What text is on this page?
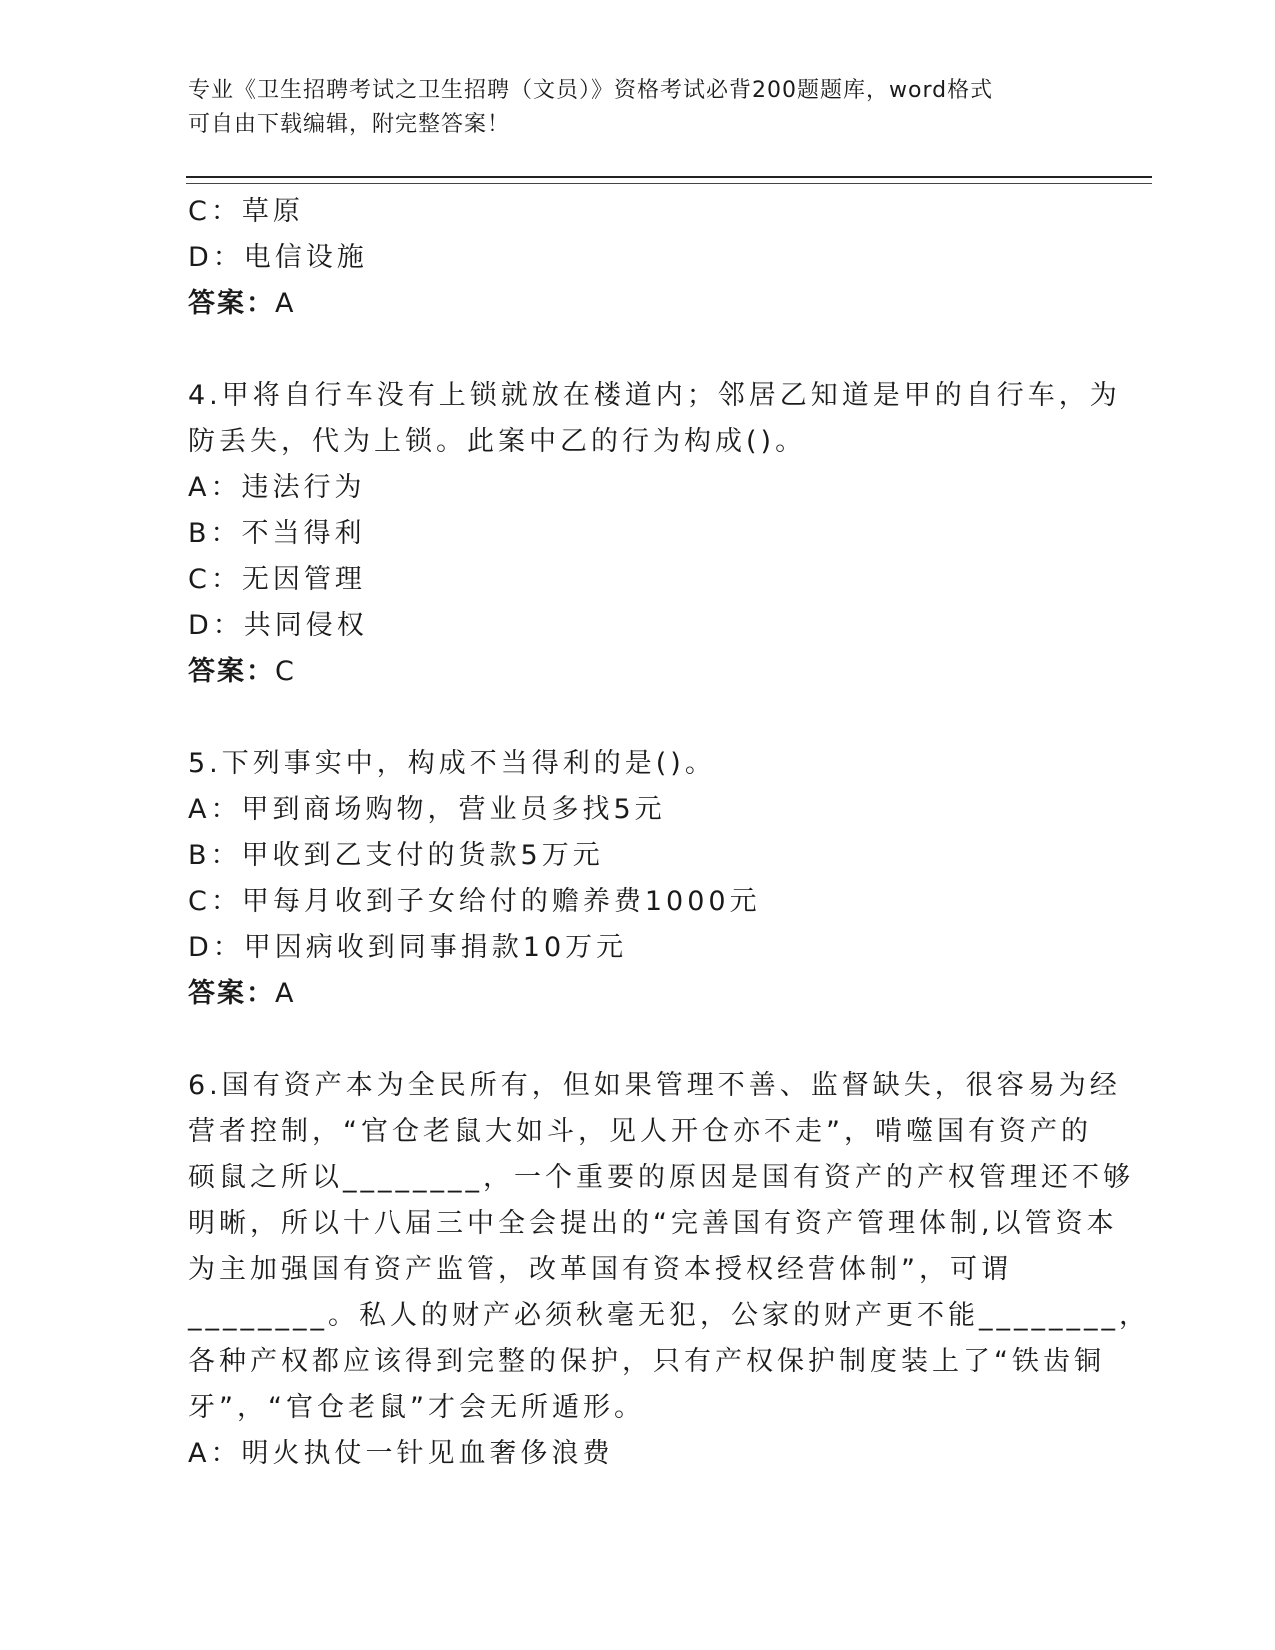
专业《卫生招聘考试之卫生招聘（文员）》资格考试必背200题题库，word格式
可自由下载编辑，附完整答案！
C：草原
D：电信设施
答案：A
4.甲将自行车没有上锁就放在楼道内；邻居乙知道是甲的自行车，为
防丢失，代为上锁。此案中乙的行为构成()。
A：违法行为
B：不当得利
C：无因管理
D：共同侵权
答案：C
5.下列事实中，构成不当得利的是()。
A：甲到商场购物，营业员多找5元
B：甲收到乙支付的货款5万元
C：甲每月收到子女给付的赡养费1000元
D：甲因病收到同事捐款10万元
答案：A
6.国有资产本为全民所有，但如果管理不善、监督缺失，很容易为经
营者控制，“官仓老鼠大如斗，见人开仓亦不走”，啃噬国有资产的
硕鼠之所以________，一个重要的原因是国有资产的产权管理还不够
明晰，所以十八届三中全会提出的“完善国有资产管理体制,以管资本
为主加强国有资产监管，改革国有资本授权经营体制”，可谓
________。私人的财产必须秋毫无犯，公家的财产更不能________，
各种产权都应该得到完整的保护，只有产权保护制度装上了“铁齿铜
牙”，“官仓老鼠”才会无所遁形。
A：明火执仗一针见血奢侈浪费
